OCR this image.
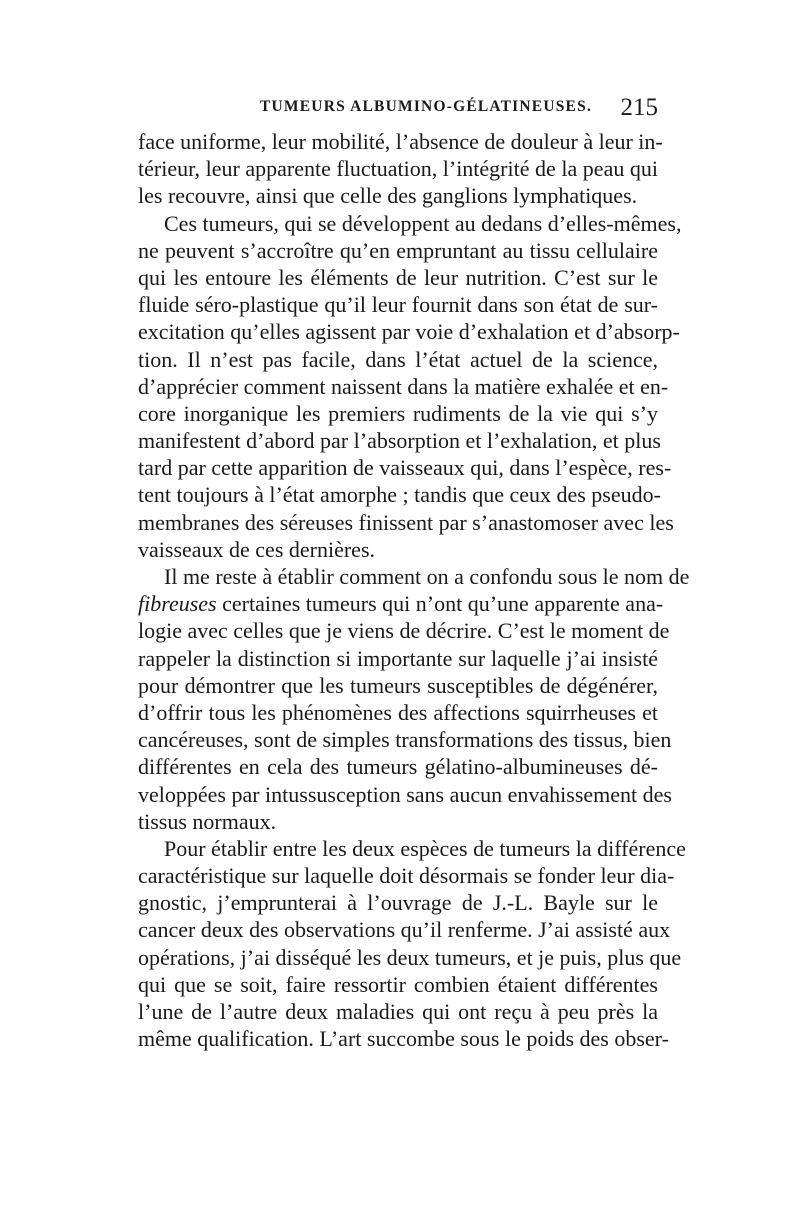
TUMEURS ALBUMINO-GÉLATINEUSES. 215
face uniforme, leur mobilité, l’absence de douleur à leur in-
térieur, leur apparente fluctuation, l’intégrité de la peau qui
les recouvre, ainsi que celle des ganglions lymphatiques.
Ces tumeurs, qui se développent au dedans d’elles-mêmes,
ne peuvent s’accroître qu’en empruntant au tissu cellulaire
qui les entoure les éléments de leur nutrition. C’est sur le
fluide séro-plastique qu’il leur fournit dans son état de sur-
excitation qu’elles agissent par voie d’exhalation et d’absorp-
tion. Il n’est pas facile, dans l’état actuel de la science,
d’apprécier comment naissent dans la matière exhalée et en-
core inorganique les premiers rudiments de la vie qui s’y
manifestent d’abord par l’absorption et l’exhalation, et plus
tard par cette apparition de vaisseaux qui, dans l’espèce, res-
tent toujours à l’état amorphe ; tandis que ceux des pseudo-
membranes des séreuses finissent par s’anastomoser avec les
vaisseaux de ces dernières.
Il me reste à établir comment on a confondu sous le nom de
fibreuses certaines tumeurs qui n’ont qu’une apparente ana-
logie avec celles que je viens de décrire. C’est le moment de
rappeler la distinction si importante sur laquelle j’ai insisté
pour démontrer que les tumeurs susceptibles de dégénérer,
d’offrir tous les phénomènes des affections squirrheuses et
cancéreuses, sont de simples transformations des tissus, bien
différentes en cela des tumeurs gélatino-albumineuses dé-
veloppées par intussusception sans aucun envahissement des
tissus normaux.
Pour établir entre les deux espèces de tumeurs la différence
caractéristique sur laquelle doit désormais se fonder leur dia-
gnostic, j’emprunterai à l’ouvrage de J.-L. Bayle sur le
cancer deux des observations qu’il renferme. J’ai assisté aux
opérations, j’ai disséqué les deux tumeurs, et je puis, plus que
qui que se soit, faire ressortir combien étaient différentes
l’une de l’autre deux maladies qui ont reçu à peu près la
même qualification. L’art succombe sous le poids des obser-
